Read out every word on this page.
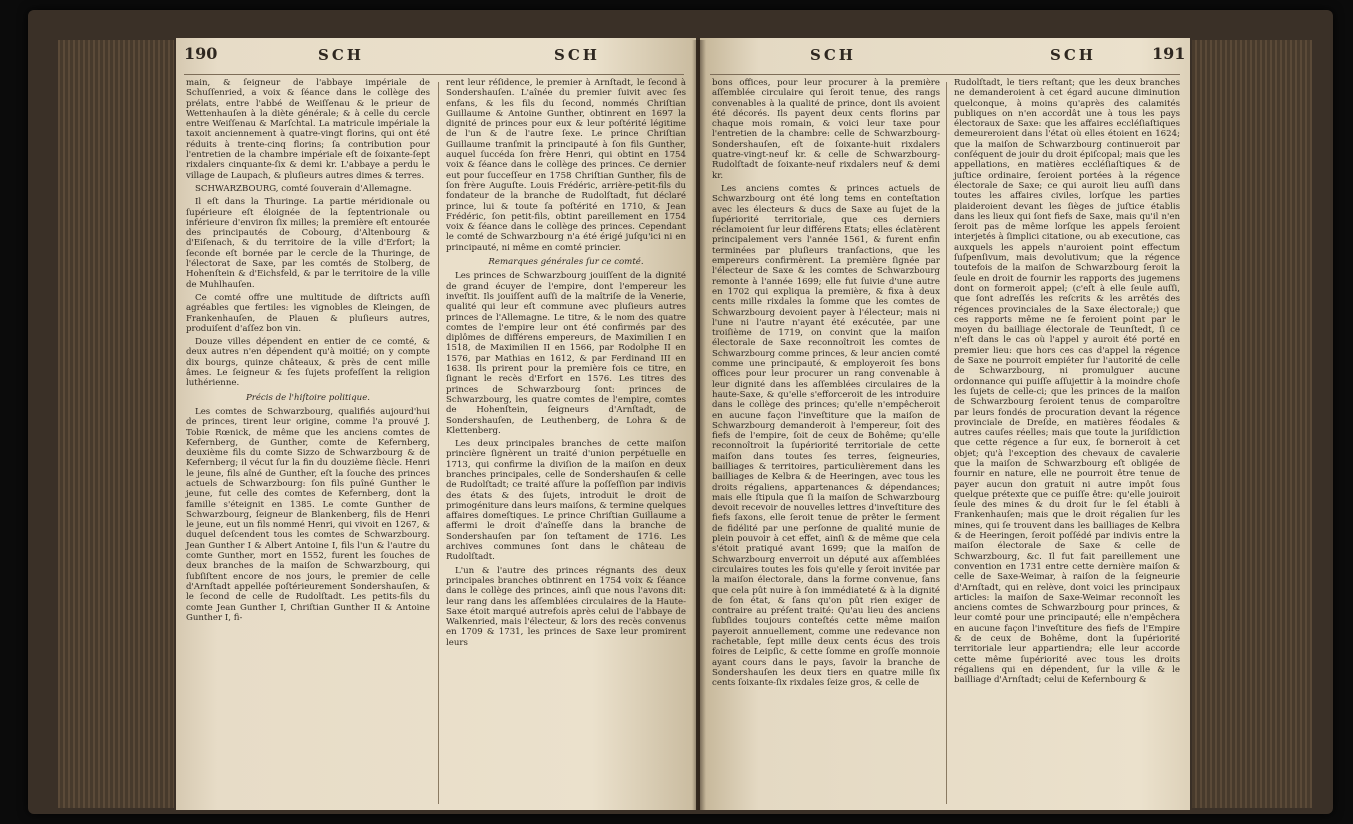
190	SCH	SCH

main, & ſeigneur de l'abbaye impériale de Schuſſenried, a voix & ſéance dans le collège des prélats, entre l'abbé de Weiſſenau & le prieur de Wettenhauſen à la diète générale; & à celle du cercle entre Weiſſenau & Marſchtal. La matricule impériale la taxoit anciennement à quatre-vingt florins, qui ont été réduits à trente-cinq florins; ſa contribution pour l'entretien de la chambre impériale eſt de ſoixante-ſept rixdalers cinquante-ſix & demi kr. L'abbaye a perdu le village de Laupach, & pluſieurs autres dimes & terres.

SCHWARZBOURG, comté ſouverain d'Allemagne.

Il eſt dans la Thuringe. La partie méridionale ou ſupérieure eſt éloignée de la ſeptentrionale ou inférieure d'environ ſix milles; la première eſt entourée des principautés de Cobourg, d'Altenbourg & d'Eiſenach, & du territoire de la ville d'Erfort; la ſeconde eſt bornée par le cercle de la Thuringe, de l'électorat de Saxe, par les comtés de Stolberg, de Hohenſtein & d'Eichsfeld, & par le territoire de la ville de Muhlhauſen.

Ce comté offre une multitude de diſtricts auſſi agréables que fertiles: les vignobles de Kleingen, de Frankenhauſen, de Plauen & pluſieurs autres, produiſent d'aſſez bon vin.

Douze villes dépendent en entier de ce comté, & deux autres n'en dépendent qu'à moitié; on y compte dix bourgs, quinze châteaux, & près de cent mille âmes. Le ſeigneur & ſes ſujets profeſſent la religion luthérienne.

Précis de l'hiſtoire politique.

Les comtes de Schwarzbourg, qualifiés aujourd'hui de princes, tirent leur origine, comme l'a prouvé J. Tobie Rœnick, de même que les anciens comtes de Kefernberg, de Gunther, comte de Kefernberg, deuxième fils du comte Sizzo de Schwarzbourg & de Kefernberg; il vécut ſur la fin du douzième ſiècle. Henri le jeune, fils aîné de Gunther, eſt la ſouche des princes actuels de Schwarzbourg: ſon fils puîné Gunther le jeune, fut celle des comtes de Kefernberg, dont la famille s'éteignit en 1385. Le comte Gunther de Schwarzbourg, ſeigneur de Blankenberg, fils de Henri le jeune, eut un fils nommé Henri, qui vivoit en 1267, & duquel deſcendent tous les comtes de Schwarzbourg. Jean Gunther I & Albert Antoine I, fils l'un & l'autre du comte Gunther, mort en 1552, furent les ſouches de deux branches de la maiſon de Schwarzbourg, qui ſubſiſtent encore de nos jours, le premier de celle d'Arnſtadt appellée poſtérieurement Sondershauſen, & le ſecond de celle de Rudolſtadt. Les petits-fils du comte Jean Gunther I, Chriſtian Gunther II & Antoine Gunther I, fi-

rent leur réſidence, le premier à Arnſtadt, le ſecond à Sondershauſen. L'aînée du premier ſuivit avec ſes enfans, & les fils du ſecond, nommés Chriſtian Guillaume & Antoine Gunther, obtinrent en 1697 la dignité de princes pour eux & leur poſtérité légitime de l'un & de l'autre ſexe. Le prince Chriſtian Guillaume tranſmit la principauté à ſon fils Gunther, auquel ſuccéda ſon frère Henri, qui obtint en 1754 voix & ſéance dans le collège des princes. Ce dernier eut pour ſucceſſeur en 1758 Chriſtian Gunther, fils de ſon frère Auguſte. Louis Frédéric, arrière-petit-fils du fondateur de la branche de Rudolſtadt, fut déclaré prince, lui & toute ſa poſtérité en 1710, & Jean Frédéric, ſon petit-fils, obtint pareillement en 1754 voix & ſéance dans le collège des princes. Cependant le comté de Schwarzbourg n'a été érigé juſqu'ici ni en principauté, ni même en comté princier.

Remarques générales ſur ce comté.

Les princes de Schwarzbourg jouiſſent de la dignité de grand écuyer de l'empire, dont l'empereur les inveſtit. Ils jouiſſent auſſi de la maîtriſe de la Venerie, qualité qui leur eſt commune avec pluſieurs autres princes de l'Allemagne. Le titre, & le nom des quatre comtes de l'empire leur ont été confirmés par des diplômes de différens empereurs, de Maximilien I en 1518, de Maximilien II en 1566, par Rodolphe II en 1576, par Mathias en 1612, & par Ferdinand III en 1638. Ils prirent pour la première fois ce titre, en ſignant le recès d'Erfort en 1576. Les titres des princes de Schwarzbourg ſont: princes de Schwarzbourg, les quatre comtes de l'empire, comtes de Hohenſtein, ſeigneurs d'Arnſtadt, de Sondershauſen, de Leuthenberg, de Lohra & de Klettenberg.

Les deux principales branches de cette maiſon princière ſignèrent un traité d'union perpétuelle en 1713, qui confirme la diviſion de la maiſon en deux branches principales, celle de Sondershauſen & celle de Rudolſtadt; ce traité aſſure la poſſeſſion par indivis des états & des ſujets, introduit le droit de primogéniture dans leurs maiſons, & termine quelques affaires domeſtiques. Le prince Chriſtian Guillaume a affermi le droit d'aîneſſe dans la branche de Sondershauſen par ſon teſtament de 1716. Les archives communes ſont dans le château de Rudolſtadt.

L'un & l'autre des princes régnants des deux principales branches obtinrent en 1754 voix & ſéance dans le collège des princes, ainſi que nous l'avons dit: leur rang dans les aſſemblées circulaires de la Haute-Saxe étoit marqué autrefois après celui de l'abbaye de Walkenried, mais l'électeur, & lors des recès convenus en 1709 & 1731, les princes de Saxe leur promirent leurs

SCH	SCH	191

bons offices, pour leur procurer à la première aſſemblée circulaire qui ſeroit tenue, des rangs convenables à la qualité de prince, dont ils avoient été décorés. Ils payent deux cents florins par chaque mois romain, & voici leur taxe pour l'entretien de la chambre: celle de Schwarzbourg-Sondershauſen, eſt de ſoixante-huit rixdalers quatre-vingt-neuf kr. & celle de Schwarzbourg-Rudolſtadt de ſoixante-neuf rixdalers neuf & demi kr.

Les anciens comtes & princes actuels de Schwarzbourg ont été long tems en conteſtation avec les électeurs & ducs de Saxe au ſujet de la ſupériorité territoriale, que ces derniers réclamoient ſur leur différens Etats; elles éclatèrent principalement vers l'année 1561, & furent enfin terminées par pluſieurs tranſactions, que les empereurs confirmèrent. La première ſignée par l'électeur de Saxe & les comtes de Schwarzbourg remonte à l'année 1699; elle fut ſuivie d'une autre en 1702 qui expliqua la première, & fixa à deux cents mille rixdales la ſomme que les comtes de Schwarzbourg devoient payer à l'électeur; mais ni l'une ni l'autre n'ayant été exécutée, par une troiſième de 1719, on convint que la maiſon électorale de Saxe reconnoîtroit les comtes de Schwarzbourg comme princes, & leur ancien comté comme une principauté, & employeroit ſes bons offices pour leur procurer un rang convenable à leur dignité dans les aſſemblées circulaires de la haute-Saxe, & qu'elle s'efforceroit de les introduire dans le collège des princes; qu'elle n'empêcheroit en aucune façon l'inveſtiture que la maiſon de Schwarzbourg demanderoit à l'empereur, ſoit des fiefs de l'empire, ſoit de ceux de Bohême; qu'elle reconnoîtroit la ſupériorité territoriale de cette maiſon dans toutes ſes terres, ſeigneuries, bailliages & territoires, particulièrement dans les bailliages de Kelbra & de Heeringen, avec tous les droits régaliens, appartenances & dépendances; mais elle ſtipula que ſi la maiſon de Schwarzbourg devoit recevoir de nouvelles lettres d'inveſtiture des fiefs ſaxons, elle ſeroit tenue de prêter le ſerment de fidélité par une perſonne de qualité munie de plein pouvoir à cet effet, ainſi & de même que cela s'étoit pratiqué avant 1699; que la maiſon de Schwarzbourg enverroit un député aux aſſemblées circulaires toutes les fois qu'elle y ſeroit invitée par la maiſon électorale, dans la forme convenue, ſans que cela pût nuire à ſon immédiateté & à la dignité de ſon état, & ſans qu'on pût rien exiger de contraire au préſent traité: Qu'au lieu des anciens ſubſides toujours conteſtés cette même maiſon payeroit annuellement, comme une redevance non rachetable, ſept mille deux cents écus des trois foires de Leipſic, & cette ſomme en groſſe monnoie ayant cours dans le pays, ſavoir la branche de Sondershauſen les deux tiers en quatre mille ſix cents ſoixante-ſix rixdales ſeize gros, & celle de

Rudolſtadt, le tiers reſtant; que les deux branches ne demanderoient à cet égard aucune diminution quelconque, à moins qu'après des calamités publiques on n'en accordât une à tous les pays électoraux de Saxe: que les affaires eccléſiaſtiques demeureroient dans l'état où elles étoient en 1624; que la maiſon de Schwarzbourg continueroit par conſéquent de jouir du droit épiſcopal; mais que les appellations, en matières eccléſiaſtiques & de juſtice ordinaire, ſeroient portées à la régence électorale de Saxe; ce qui auroit lieu auſſi dans toutes les affaires civiles, lorſque les parties plaideroient devant les ſièges de juſtice établis dans les lieux qui ſont fiefs de Saxe, mais qu'il n'en ſeroit pas de même lorſque les appels ſeroient interjetés à ſimplici citatione, ou ab executione, cas auxquels les appels n'auroient point effectum ſuſpenſivum, mais devolutivum; que la régence toutefois de la maiſon de Schwarzbourg ſeroit la ſeule en droit de fournir les rapports des jugemens dont on formeroit appel; (c'eſt à elle ſeule auſſi, que ſont adreſſés les reſcrits & les arrêtés des régences provinciales de la Saxe électorale;) que ces rapports même ne ſe feroient point par le moyen du bailliage électorale de Teunſtedt, ſi ce n'eſt dans le cas où l'appel y auroit été porté en premier lieu: que hors ces cas d'appel la régence de Saxe ne pourroit empiéter ſur l'autorité de celle de Schwarzbourg, ni promulguer aucune ordonnance qui puiſſe aſſujettir à la moindre choſe les ſujets de celle-ci; que les princes de la maiſon de Schwarzbourg ſeroient tenus de comparoître par leurs fondés de procuration devant la régence provinciale de Dreſde, en matières féodales & autres cauſes réelles; mais que toute la juriſdiction que cette régence a ſur eux, ſe borneroit à cet objet; qu'à l'exception des chevaux de cavalerie que la maiſon de Schwarzbourg eſt obligée de fournir en nature, elle ne pourroit être tenue de payer aucun don gratuit ni autre impôt ſous quelque prétexte que ce puiſſe être: qu'elle jouiroit ſeule des mines & du droit ſur le ſel établi à Frankenhauſen; mais que le droit régalien ſur les mines, qui ſe trouvent dans les bailliages de Kelbra & de Heeringen, ſeroit poſſédé par indivis entre la maiſon électorale de Saxe & celle de Schwarzbourg, &c. Il fut fait pareillement une convention en 1731 entre cette dernière maiſon & celle de Saxe-Weimar, à raiſon de la ſeigneurie d'Arnſtadt, qui en relève, dont voici les principaux articles: la maiſon de Saxe-Weimar reconnoît les anciens comtes de Schwarzbourg pour princes, & leur comté pour une principauté; elle n'empêchera en aucune façon l'inveſtiture des fiefs de l'Empire & de ceux de Bohême, dont la ſupériorité territoriale leur appartiendra; elle leur accorde cette même ſupériorité avec tous les droits régaliens qui en dépendent, ſur la ville & le bailliage d'Arnſtadt; celui de Kefernbourg &
